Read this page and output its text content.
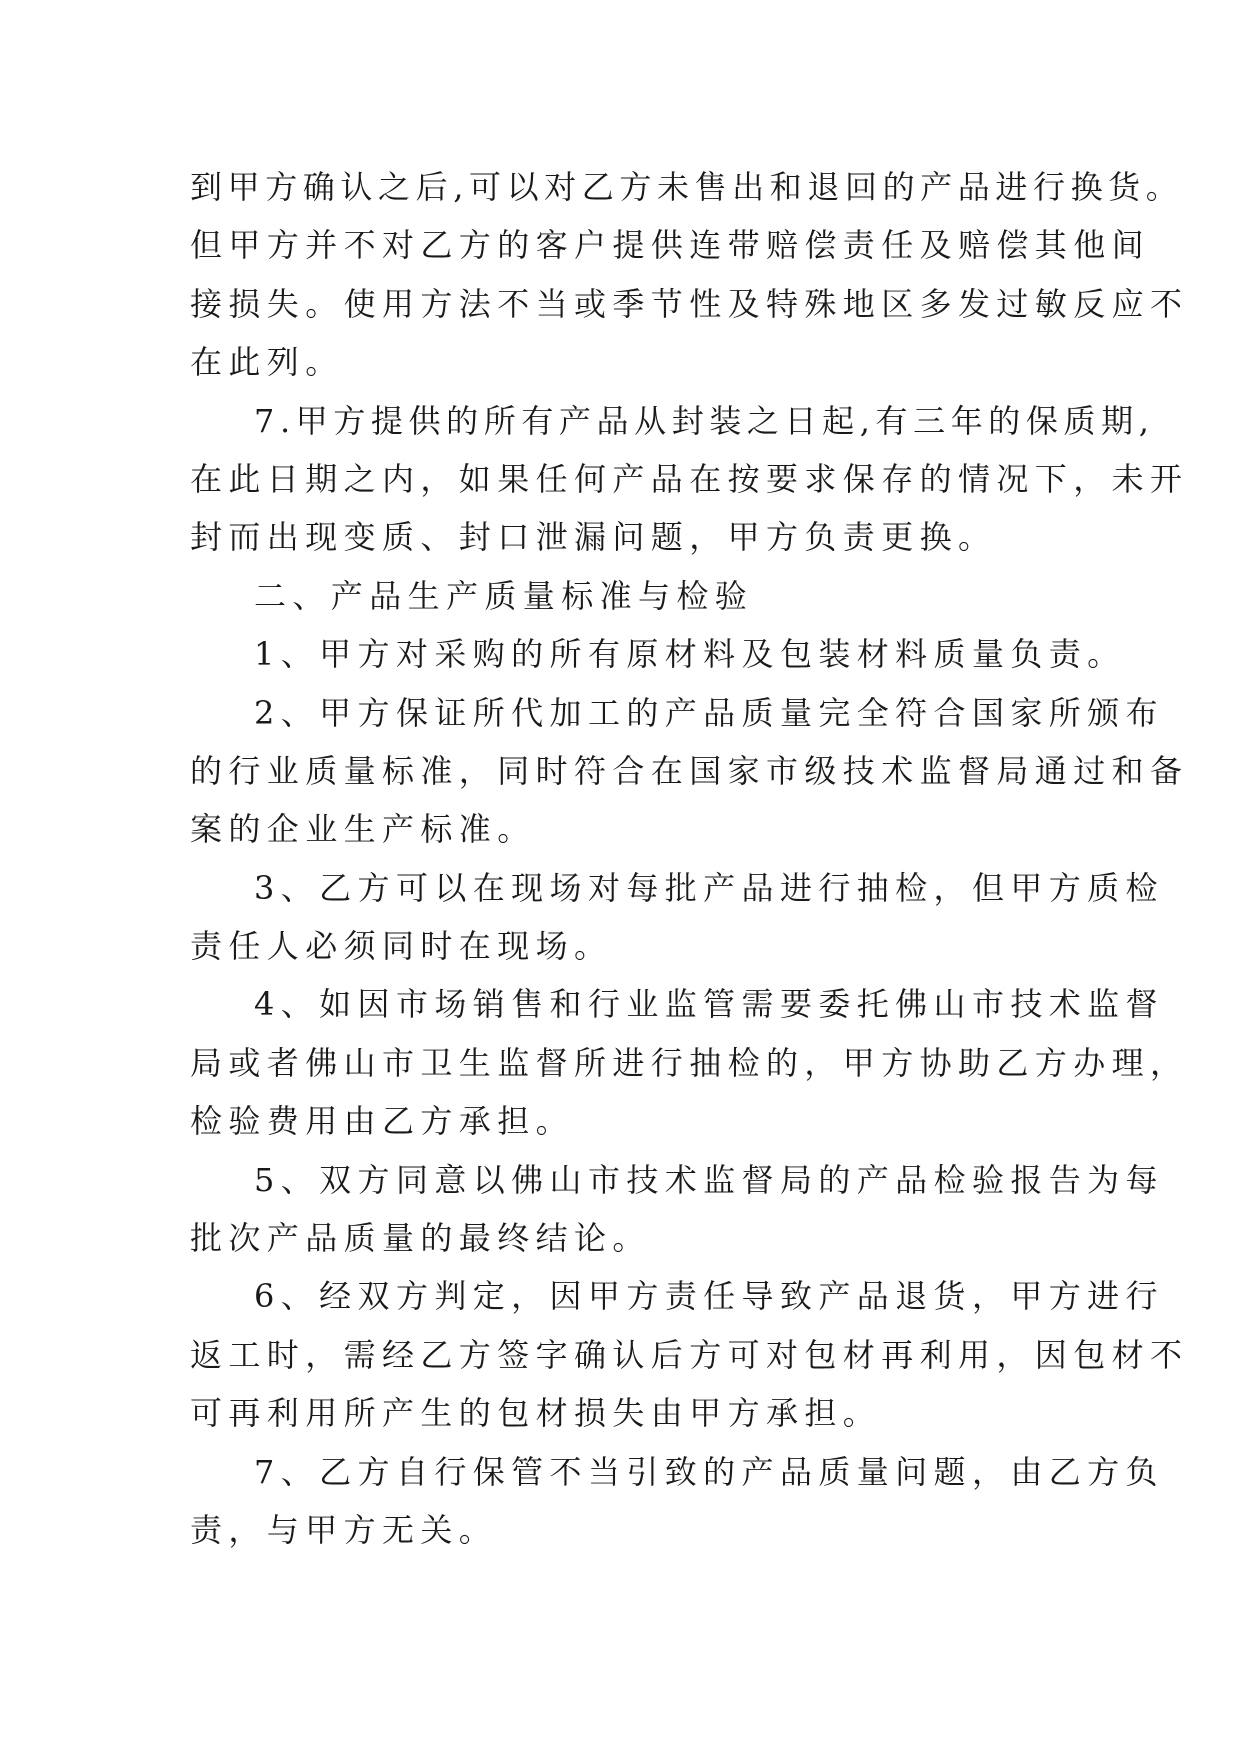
到甲方确认之后,可以对乙方未售出和退回的产品进行换货。
但甲方并不对乙方的客户提供连带赔偿责任及赔偿其他间
接损失。使用方法不当或季节性及特殊地区多发过敏反应不
在此列。
7.甲方提供的所有产品从封装之日起,有三年的保质期,
在此日期之内，如果任何产品在按要求保存的情况下，未开
封而出现变质、封口泄漏问题，甲方负责更换。
二、产品生产质量标准与检验
1、甲方对采购的所有原材料及包装材料质量负责。
2、甲方保证所代加工的产品质量完全符合国家所颁布
的行业质量标准，同时符合在国家市级技术监督局通过和备
案的企业生产标准。
3、乙方可以在现场对每批产品进行抽检，但甲方质检
责任人必须同时在现场。
4、如因市场销售和行业监管需要委托佛山市技术监督
局或者佛山市卫生监督所进行抽检的，甲方协助乙方办理，
检验费用由乙方承担。
5、双方同意以佛山市技术监督局的产品检验报告为每
批次产品质量的最终结论。
6、经双方判定，因甲方责任导致产品退货，甲方进行
返工时，需经乙方签字确认后方可对包材再利用，因包材不
可再利用所产生的包材损失由甲方承担。
7、乙方自行保管不当引致的产品质量问题，由乙方负
责，与甲方无关。
